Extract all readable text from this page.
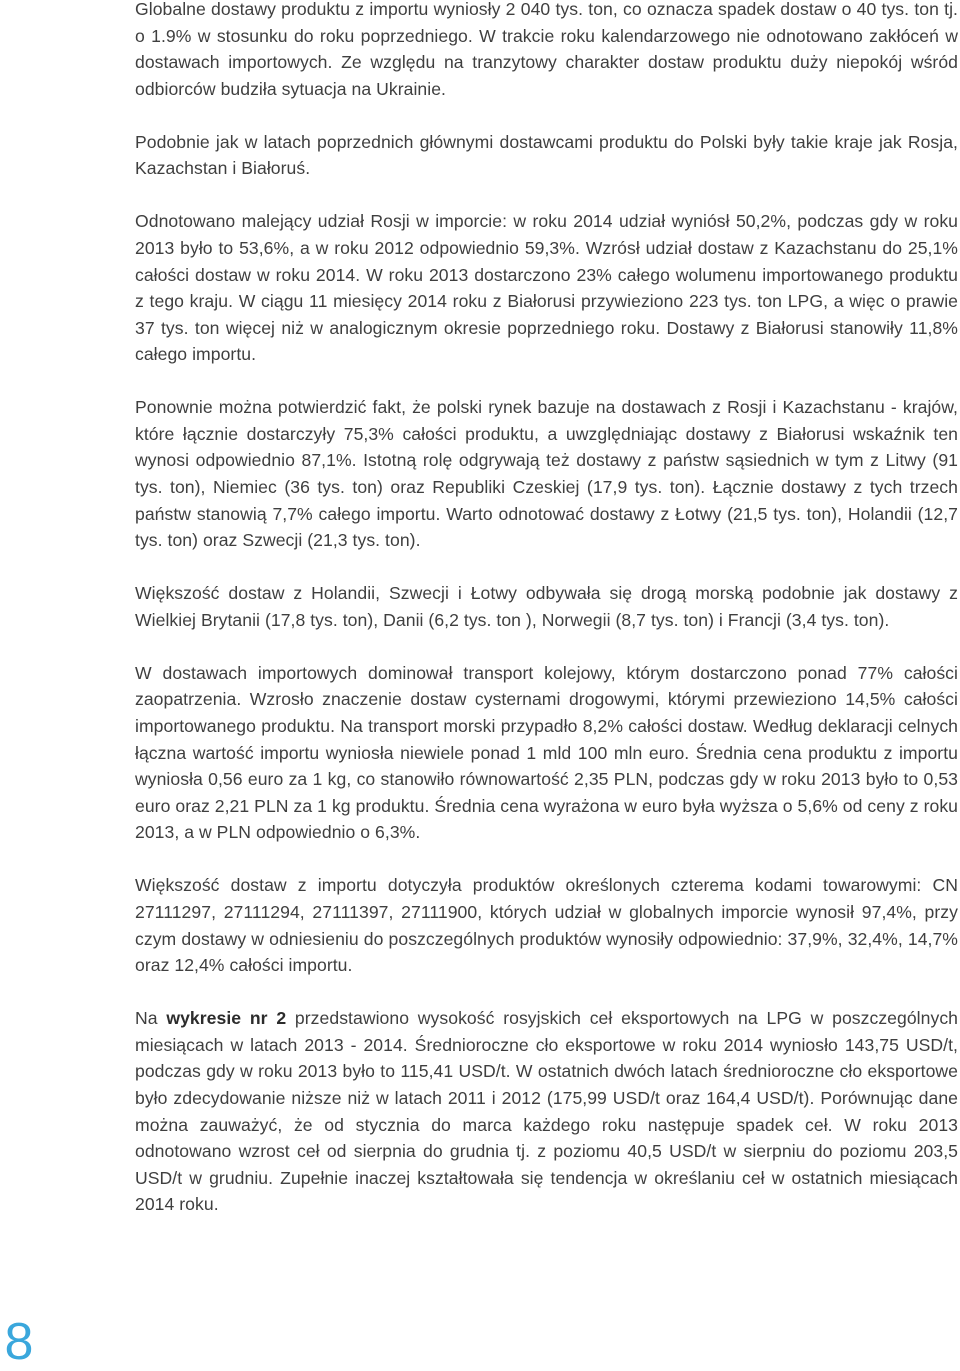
Globalne dostawy produktu z importu wyniosły 2 040 tys. ton, co oznacza spadek dostaw o 40 tys. ton tj. o 1.9% w stosunku do roku poprzedniego. W trakcie roku kalendarzowego nie odnotowano zakłóceń w dostawach importowych. Ze względu na tranzytowy charakter dostaw produktu duży niepokój wśród odbiorców budziła sytuacja na Ukrainie.

Podobnie jak w latach poprzednich głównymi dostawcami produktu do Polski były takie kraje jak Rosja, Kazachstan i Białoruś.

Odnotowano malejący udział Rosji w imporcie: w roku 2014 udział wyniósł 50,2%, podczas gdy w roku 2013 było to 53,6%, a w roku 2012 odpowiednio 59,3%. Wzrósł udział dostaw z Kazachstanu do 25,1% całości dostaw w roku 2014. W roku 2013 dostarczono 23% całego wolumenu importowanego produktu z tego kraju. W ciągu 11 miesięcy 2014 roku z Białorusi przywieziono 223 tys. ton LPG, a więc o prawie 37 tys. ton więcej niż w analogicznym okresie poprzedniego roku. Dostawy z Białorusi stanowiły 11,8% całego importu.

Ponownie można potwierdzić fakt, że polski rynek bazuje na dostawach z Rosji i Kazachstanu - krajów, które łącznie dostarczyły 75,3% całości produktu, a uwzględniając dostawy z Białorusi wskaźnik ten wynosi odpowiednio 87,1%. Istotną rolę odgrywają też dostawy z państw sąsiednich w tym z Litwy (91 tys. ton), Niemiec (36 tys. ton) oraz Republiki Czeskiej (17,9 tys. ton). Łącznie dostawy z tych trzech państw stanowią 7,7% całego importu. Warto odnotować dostawy z Łotwy (21,5 tys. ton), Holandii (12,7 tys. ton) oraz Szwecji (21,3 tys. ton).

Większość dostaw z Holandii, Szwecji i Łotwy odbywała się drogą morską podobnie jak dostawy z Wielkiej Brytanii (17,8 tys. ton), Danii (6,2 tys. ton ), Norwegii (8,7 tys. ton) i Francji (3,4 tys. ton).

W dostawach importowych dominował transport kolejowy, którym dostarczono ponad 77% całości zaopatrzenia. Wzrosło znaczenie dostaw cysternami drogowymi, którymi przewieziono 14,5% całości importowanego produktu. Na transport morski przypadło 8,2% całości dostaw. Według deklaracji celnych łączna wartość importu wyniosła niewiele ponad 1 mld 100 mln euro. Średnia cena produktu z importu wyniosła 0,56 euro za 1 kg, co stanowiło równowartość 2,35 PLN, podczas gdy w roku 2013 było to 0,53 euro oraz 2,21 PLN za 1 kg produktu. Średnia cena wyrażona w euro była wyższa o 5,6% od ceny z roku 2013, a w PLN odpowiednio o 6,3%.

Większość dostaw z importu dotyczyła produktów określonych czterema kodami towarowymi: CN 27111297, 27111294, 27111397, 27111900, których udział w globalnych imporcie wynosił 97,4%, przy czym dostawy w odniesieniu do poszczególnych produktów wynosiły odpowiednio: 37,9%, 32,4%, 14,7% oraz 12,4% całości importu.

Na wykresie nr 2 przedstawiono wysokość rosyjskich ceł eksportowych na LPG w poszczególnych miesiącach w latach 2013 - 2014. Średnioroczne cło eksportowe w roku 2014 wyniosło 143,75 USD/t, podczas gdy w roku 2013 było to 115,41 USD/t. W ostatnich dwóch latach średnioroczne cło eksportowe było zdecydowanie niższe niż w latach 2011 i 2012 (175,99 USD/t oraz 164,4 USD/t). Porównując dane można zauważyć, że od stycznia do marca każdego roku następuje spadek ceł. W roku 2013 odnotowano wzrost ceł od sierpnia do grudnia tj. z poziomu 40,5 USD/t w sierpniu do poziomu 203,5 USD/t w grudniu. Zupełnie inaczej kształtowała się tendencja w określaniu ceł w ostatnich miesiącach 2014 roku.

8
